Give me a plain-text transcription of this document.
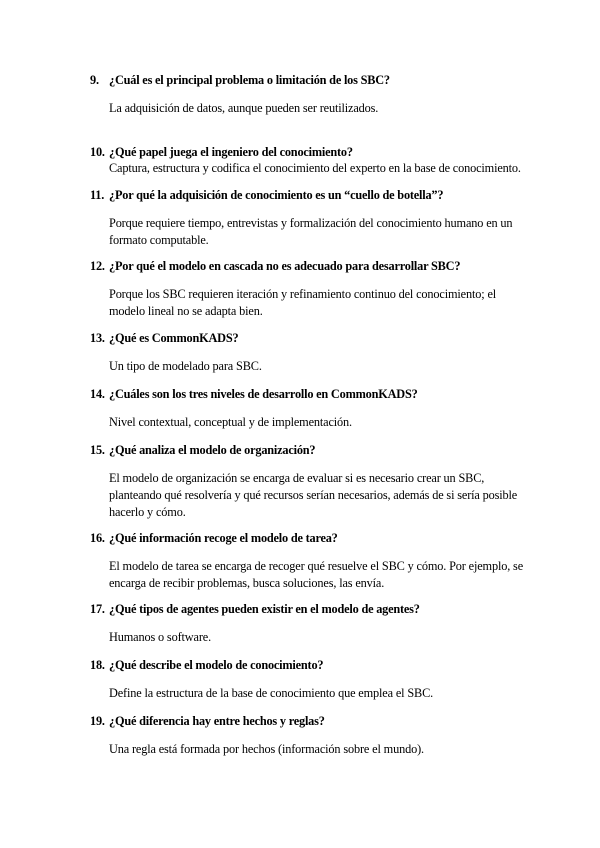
9. ¿Cuál es el principal problema o limitación de los SBC?
La adquisición de datos, aunque pueden ser reutilizados.
10. ¿Qué papel juega el ingeniero del conocimiento?
Captura, estructura y codifica el conocimiento del experto en la base de conocimiento.
11. ¿Por qué la adquisición de conocimiento es un “cuello de botella”?
Porque requiere tiempo, entrevistas y formalización del conocimiento humano en un formato computable.
12. ¿Por qué el modelo en cascada no es adecuado para desarrollar SBC?
Porque los SBC requieren iteración y refinamiento continuo del conocimiento; el modelo lineal no se adapta bien.
13. ¿Qué es CommonKADS?
Un tipo de modelado para SBC.
14. ¿Cuáles son los tres niveles de desarrollo en CommonKADS?
Nivel contextual, conceptual y de implementación.
15. ¿Qué analiza el modelo de organización?
El modelo de organización se encarga de evaluar si es necesario crear un SBC, planteando qué resolvería y qué recursos serían necesarios, además de si sería posible hacerlo y cómo.
16. ¿Qué información recoge el modelo de tarea?
El modelo de tarea se encarga de recoger qué resuelve el SBC y cómo. Por ejemplo, se encarga de recibir problemas, busca soluciones, las envía.
17. ¿Qué tipos de agentes pueden existir en el modelo de agentes?
Humanos o software.
18. ¿Qué describe el modelo de conocimiento?
Define la estructura de la base de conocimiento que emplea el SBC.
19. ¿Qué diferencia hay entre hechos y reglas?
Una regla está formada por hechos (información sobre el mundo).
